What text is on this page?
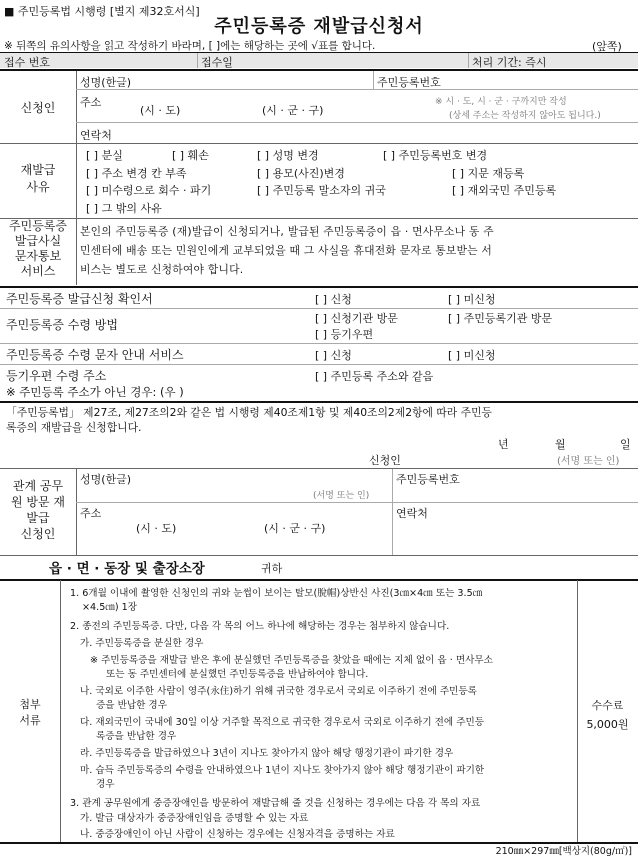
■ 주민등록법 시행령 [별지 제32호서식]
주민등록증 재발급신청서
※ 뒤쪽의 유의사항을 읽고 작성하기 바라며, [ ]에는 해당하는 곳에 √표를 합니다.	(앞쪽)
접수 번호	접수일	처리 기간: 즉시
신청인
성명(한글)	주민등록번호
주소
(시 · 도)	(시 · 군 · 구)
※ 시 · 도, 시 · 군 · 구까지만 작성
(상세 주소는 작성하지 않아도 됩니다.)
연락처
재발급
사유
[ ] 분실	[ ] 훼손	[ ] 성명 변경	[ ] 주민등록번호 변경
[ ] 주소 변경 칸 부족	[ ] 용모(사진)변경	[ ] 지문 재등록
[ ] 미수령으로 회수 · 파기	[ ] 주민등록 말소자의 귀국	[ ] 재외국민 주민등록
[ ] 그 밖의 사유
주민등록증
발급사실
문자통보
서비스
본인의 주민등록증 (재)발급이 신청되거나, 발급된 주민등록증이 읍 · 면사무소나 동 주
민센터에 배송 또는 민원인에게 교부되었을 때 그 사실을 휴대전화 문자로 통보받는 서
비스는 별도로 신청하여야 합니다.
주민등록증 발급신청 확인서	[ ] 신청	[ ] 미신청
주민등록증 수령 방법	[ ] 신청기관 방문	[ ] 주민등록기관 방문
[ ] 등기우편
주민등록증 수령 문자 안내 서비스	[ ] 신청	[ ] 미신청
등기우편 수령 주소	[ ] 주민등록 주소와 같음
※ 주민등록 주소가 아닌 경우: (우 )
「주민등록법」 제27조, 제27조의2와 같은 법 시행령 제40조제1항 및 제40조의2제2항에 따라 주민등
록증의 재발급을 신청합니다.
년	월	일
신청인	(서명 또는 인)
관계 공무
원 방문 재
발급
신청인
성명(한글)
(서명 또는 인)
주민등록번호
주소
(시 · 도)	(시 · 군 · 구)
연락처
읍 · 면 · 동장 및 출장소장	귀하
첨부
서류
수수료
5,000원
1. 6개월 이내에 촬영한 신청인의 귀와 눈썹이 보이는 탈모(脫帽)상반신 사진(3㎝×4㎝ 또는 3.5㎝
×4.5㎝) 1장
2. 종전의 주민등록증. 다만, 다음 각 목의 어느 하나에 해당하는 경우는 첨부하지 않습니다.
가. 주민등록증을 분실한 경우
※ 주민등록증을 재발급 받은 후에 분실했던 주민등록증을 찾았을 때에는 지체 없이 읍 · 면사무소
또는 동 주민센터에 분실했던 주민등록증을 반납하여야 합니다.
나. 국외로 이주한 사람이 영주(永住)하기 위해 귀국한 경우로서 국외로 이주하기 전에 주민등록
증을 반납한 경우
다. 재외국민이 국내에 30일 이상 거주할 목적으로 귀국한 경우로서 국외로 이주하기 전에 주민등
록증을 반납한 경우
라. 주민등록증을 발급하였으나 3년이 지나도 찾아가지 않아 해당 행정기관이 파기한 경우
마. 습득 주민등록증의 수령을 안내하였으나 1년이 지나도 찾아가지 않아 해당 행정기관이 파기한
경우
3. 관계 공무원에게 중증장애인을 방문하여 재발급해 줄 것을 신청하는 경우에는 다음 각 목의 자료
가. 발급 대상자가 중증장애인임을 증명할 수 있는 자료
나. 중증장애인이 아닌 사람이 신청하는 경우에는 신청자격을 증명하는 자료
210㎜×297㎜[백상지(80g/㎡)]
